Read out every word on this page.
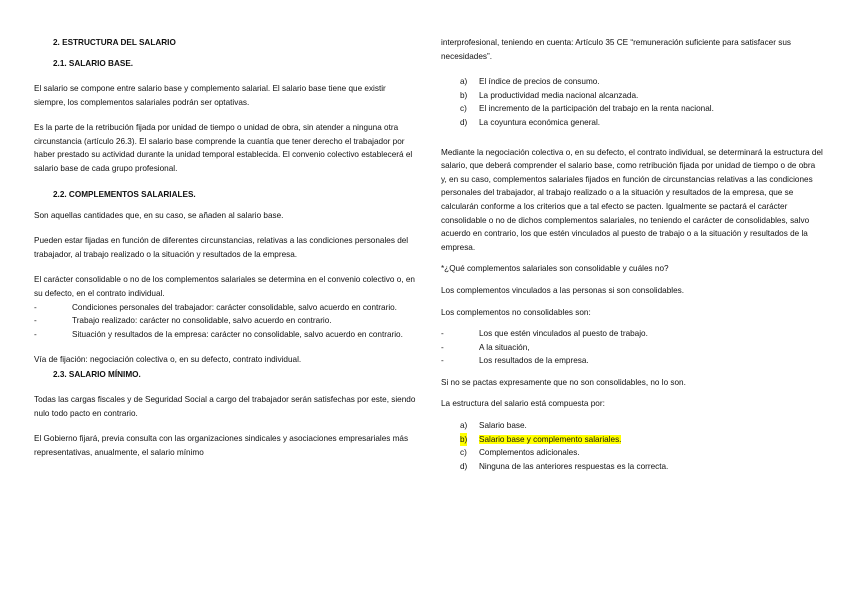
2. ESTRUCTURA DEL SALARIO
2.1. SALARIO BASE.

El salario se compone entre salario base y complemento salarial. El salario base tiene que existir siempre, los complementos salariales podrán ser optativas.

Es la parte de la retribución fijada por unidad de tiempo o unidad de obra, sin atender a ninguna otra circunstancia (artículo 26.3). El salario base comprende la cuantía que tener derecho el trabajador por haber prestado su actividad durante la unidad temporal establecida. El convenio colectivo establecerá el salario base de cada grupo profesional.

2.2. COMPLEMENTOS SALARIALES.

Son aquellas cantidades que, en su caso, se añaden al salario base.

Pueden estar fijadas en función de diferentes circunstancias, relativas a las condiciones personales del trabajador, al trabajo realizado o la situación y resultados de la empresa.

El carácter consolidable o no de los complementos salariales se determina en el convenio colectivo o, en su defecto, en el contrato individual.

-	Condiciones personales del trabajador: carácter consolidable, salvo acuerdo en contrario.
-	Trabajo realizado: carácter no consolidable, salvo acuerdo en contrario.
-	Situación y resultados de la empresa: carácter no consolidable, salvo acuerdo en contrario.

Vía de fijación: negociación colectiva o, en su defecto, contrato individual.

2.3. SALARIO MÍNIMO.

Todas las cargas fiscales y de Seguridad Social a cargo del trabajador serán satisfechas por este, siendo nulo todo pacto en contrario.

El Gobierno fijará, previa consulta con las organizaciones sindicales y asociaciones empresariales más representativas, anualmente, el salario mínimo

interprofesional, teniendo en cuenta: Artículo 35 CE “remuneración suficiente para satisfacer sus necesidades”.

a) El índice de precios de consumo.
b) La productividad media nacional alcanzada.
c) El incremento de la participación del trabajo en la renta nacional.
d) La coyuntura económica general.

Mediante la negociación colectiva o, en su defecto, el contrato individual, se determinará la estructura del salario, que deberá comprender el salario base, como retribución fijada por unidad de tiempo o de obra y, en su caso, complementos salariales fijados en función de circunstancias relativas a las condiciones personales del trabajador, al trabajo realizado o a la situación y resultados de la empresa, que se calcularán conforme a los criterios que a tal efecto se pacten. Igualmente se pactará el carácter consolidable o no de dichos complementos salariales, no teniendo el carácter de consolidables, salvo acuerdo en contrario, los que estén vinculados al puesto de trabajo o a la situación y resultados de la empresa.

*¿Qué complementos salariales son consolidable y cuáles no?

Los complementos vinculados a las personas si son consolidables.

Los complementos no consolidables son:

-	Los que estén vinculados al puesto de trabajo.
-	A la situación,
-	Los resultados de la empresa.

Si no se pactas expresamente que no son consolidables, no lo son.

La estructura del salario está compuesta por:

a) Salario base.
b) Salario base y complemento salariales.
c) Complementos adicionales.
d) Ninguna de las anteriores respuestas es la correcta.
